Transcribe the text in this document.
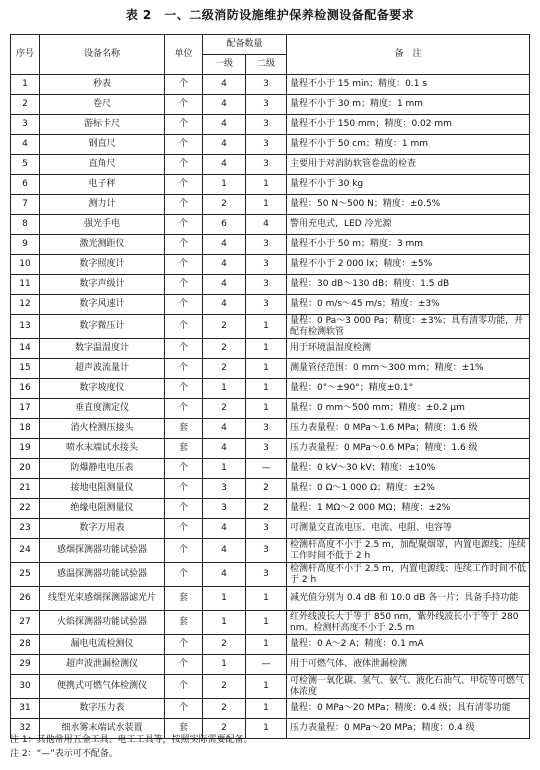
表 2　一、二级消防设施维护保养检测设备配备要求
序号	设备名称	单位	配备数量		备　注
			一级	二级	
1	秒表	个	4	3	量程不小于 15 min；精度：0.1 s
2	卷尺	个	4	3	量程不小于 30 m；精度：1 mm
3	游标卡尺	个	4	3	量程不小于 150 mm；精度：0.02 mm
4	钢直尺	个	4	3	量程不小于 50 cm；精度：1 mm
5	直角尺	个	4	3	主要用于对消防软管卷盘的检查
6	电子秤	个	1	1	量程不小于 30 kg
7	测力计	个	2	1	量程：50 N～500 N；精度：±0.5%
8	强光手电	个	6	4	警用充电式，LED 冷光源
9	激光测距仪	个	4	3	量程不小于 50 m；精度：3 mm
10	数字照度计	个	4	3	量程不小于 2 000 lx；精度：±5%
11	数字声级计	个	4	3	量程：30 dB～130 dB；精度：1.5 dB
12	数字风速计	个	4	3	量程：0 m/s～45 m/s；精度：±3%
13	数字微压计	个	2	1	量程：0 Pa～3 000 Pa；精度：±3%；具有清零功能，并配有检测软管
14	数字温湿度计	个	2	1	用于环境温湿度检测
15	超声波流量计	个	2	1	测量管径范围：0 mm～300 mm；精度：±1%
16	数字坡度仪	个	1	1	量程：0°～±90°；精度±0.1°
17	垂直度测定仪	个	2	1	量程：0 mm～500 mm；精度：±0.2 μm
18	消火栓测压接头	套	4	3	压力表量程：0 MPa～1.6 MPa；精度：1.6 级
19	喷水末端试水接头	套	4	3	压力表量程：0 MPa～0.6 MPa；精度：1.6 级
20	防爆静电电压表	个	1	—	量程：0 kV～30 kV；精度：±10%
21	接地电阻测量仪	个	3	2	量程：0 Ω～1 000 Ω；精度：±2%
22	绝缘电阻测量仪	个	3	2	量程：1 MΩ～2 000 MΩ；精度：±2%
23	数字万用表	个	4	3	可测量交直流电压、电流、电阻、电容等
24	感烟探测器功能试验器	个	4	3	检测杆高度不小于 2.5 m，加配聚烟罩，内置电源线；连续工作时间不低于 2 h
25	感温探测器功能试验器	个	4	3	检测杆高度不小于 2.5 m，内置电源线；连续工作时间不低于 2 h
26	线型光束感烟探测器滤光片	套	1	1	减光值分别为 0.4 dB 和 10.0 dB 各一片；具备手持功能
27	火焰探测器功能试验器	套	1	1	红外线波长大于等于 850 nm，紫外线波长小于等于 280 nm。检测杆高度不小于 2.5 m
28	漏电电流检测仪	个	2	1	量程：0 A～2 A；精度：0.1 mA
29	超声波泄漏检测仪	个	1	—	用于可燃气体、液体泄漏检测
30	便携式可燃气体检测仪	个	2	1	可检测一氧化碳、氢气、氨气、液化石油气、甲烷等可燃气体浓度
31	数字压力表	个	2	1	量程：0 MPa～20 MPa；精度：0.4 级；具有清零功能
32	细水雾末端试水装置	套	2	1	压力表量程：0 MPa～20 MPa；精度：0.4 级
注 1：其他常用五金工具、电工工具等，按照实际需要配备。
注 2：“—”表示可不配备。
